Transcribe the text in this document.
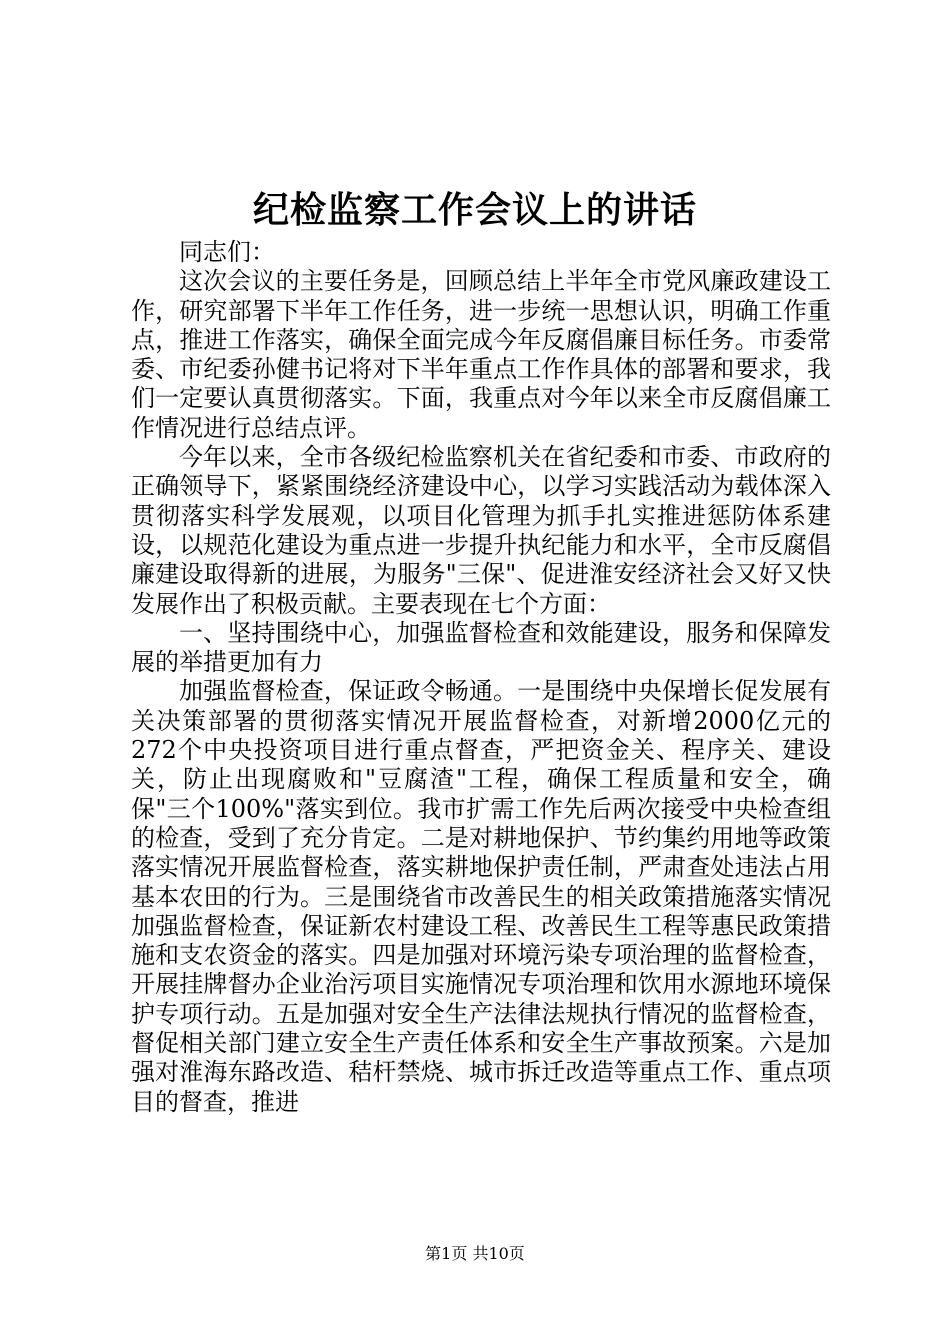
纪检监察工作会议上的讲话

同志们：

这次会议的主要任务是，回顾总结上半年全市党风廉政建设工作，研究部署下半年工作任务，进一步统一思想认识，明确工作重点，推进工作落实，确保全面完成今年反腐倡廉目标任务。市委常委、市纪委孙健书记将对下半年重点工作作具体的部署和要求，我们一定要认真贯彻落实。下面，我重点对今年以来全市反腐倡廉工作情况进行总结点评。

今年以来，全市各级纪检监察机关在省纪委和市委、市政府的正确领导下，紧紧围绕经济建设中心，以学习实践活动为载体深入贯彻落实科学发展观，以项目化管理为抓手扎实推进惩防体系建设，以规范化建设为重点进一步提升执纪能力和水平，全市反腐倡廉建设取得新的进展，为服务"三保"、促进淮安经济社会又好又快发展作出了积极贡献。主要表现在七个方面：

一、坚持围绕中心，加强监督检查和效能建设，服务和保障发展的举措更加有力

加强监督检查，保证政令畅通。一是围绕中央保增长促发展有关决策部署的贯彻落实情况开展监督检查，对新增2000亿元的272个中央投资项目进行重点督查，严把资金关、程序关、建设关，防止出现腐败和"豆腐渣"工程，确保工程质量和安全，确保"三个100%"落实到位。我市扩需工作先后两次接受中央检查组的检查，受到了充分肯定。二是对耕地保护、节约集约用地等政策落实情况开展监督检查，落实耕地保护责任制，严肃查处违法占用基本农田的行为。三是围绕省市改善民生的相关政策措施落实情况加强监督检查，保证新农村建设工程、改善民生工程等惠民政策措施和支农资金的落实。四是加强对环境污染专项治理的监督检查，开展挂牌督办企业治污项目实施情况专项治理和饮用水源地环境保护专项行动。五是加强对安全生产法律法规执行情况的监督检查，督促相关部门建立安全生产责任体系和安全生产事故预案。六是加强对淮海东路改造、秸杆禁烧、城市拆迁改造等重点工作、重点项目的督查，推进

第1页 共10页
